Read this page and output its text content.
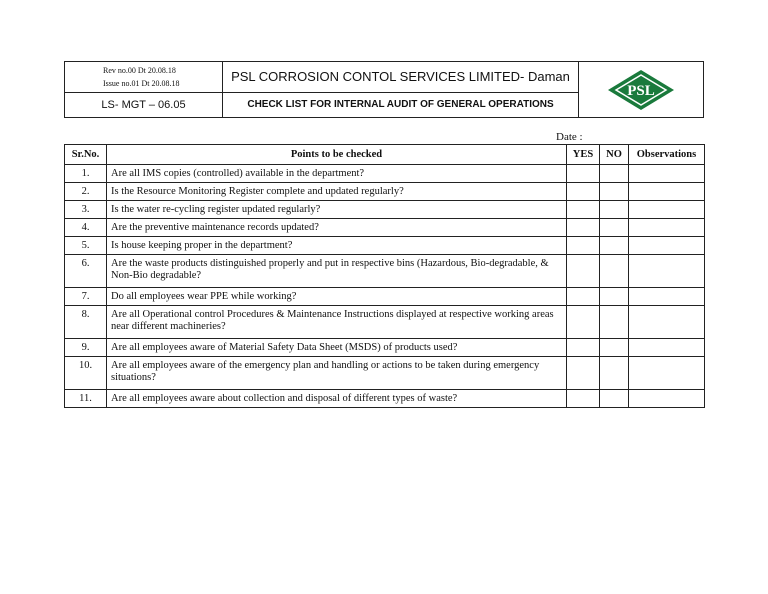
Rev no.00 Dt 20.08.18
Issue no.01 Dt 20.08.18	PSL CORROSION CONTOL SERVICES LIMITED- Daman
PSL
LS- MGT – 06.05	CHECK LIST FOR INTERNAL AUDIT OF GENERAL OPERATIONS
Date :
Sr.No.	Points to be checked	YES	NO	Observations
1.	Are all IMS copies (controlled) available in the department?			
2.	Is the Resource Monitoring Register complete and updated regularly?			
3.	Is the water re-cycling register updated regularly?			
4.	Are the preventive maintenance records updated?			
5.	Is house keeping proper in the department?			
6.	Are the waste products distinguished properly and put in respective bins (Hazardous, Bio-degradable, & Non-Bio degradable?			
7.	Do all employees wear PPE while working?			
8.	Are all Operational control Procedures & Maintenance Instructions displayed at respective working areas near different machineries?			
9.	Are all employees aware of Material Safety Data Sheet (MSDS) of products used?			
10.	Are all employees aware of the emergency plan and handling or actions to be taken during emergency situations?			
11.	Are all employees aware about collection and disposal of different types of waste?			
